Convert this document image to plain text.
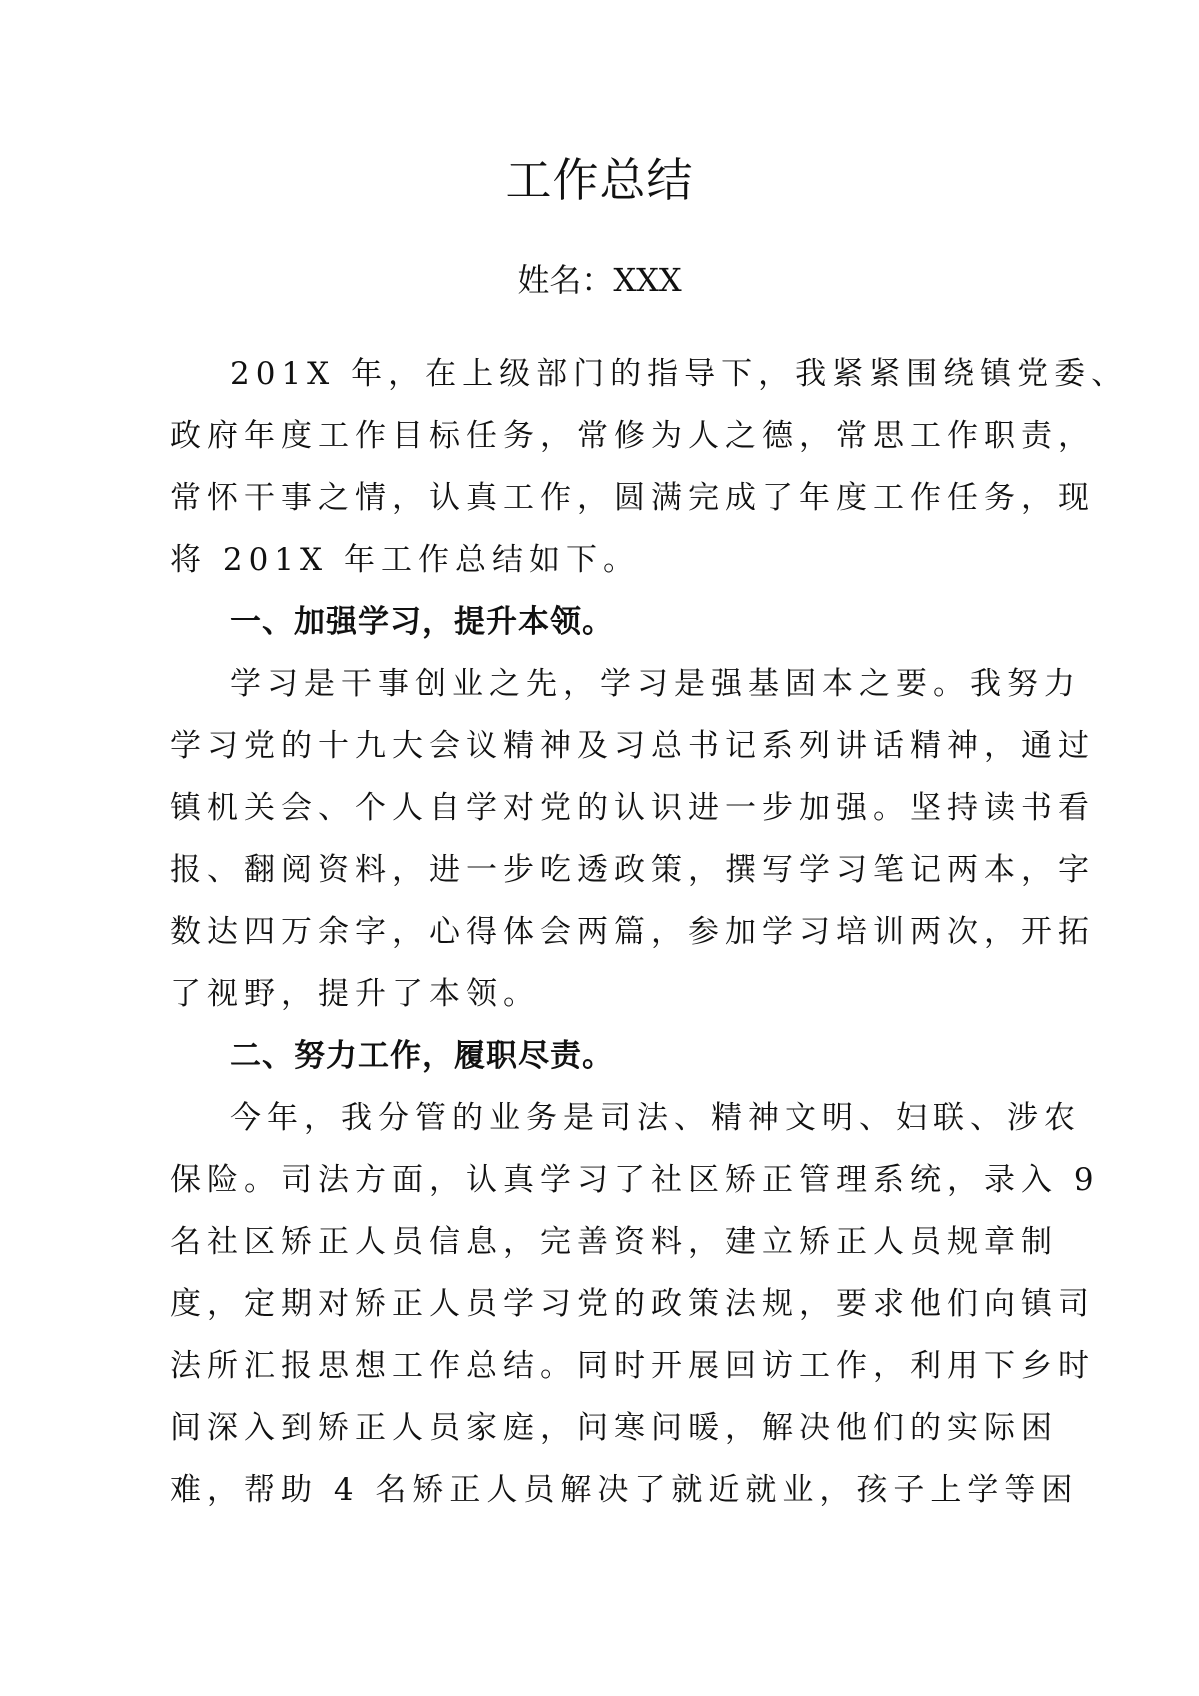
工作总结
姓名：XXX
201X 年，在上级部门的指导下，我紧紧围绕镇党委、
政府年度工作目标任务，常修为人之德，常思工作职责，
常怀干事之情，认真工作，圆满完成了年度工作任务，现
将 201X 年工作总结如下。
一、加强学习，提升本领。
学习是干事创业之先，学习是强基固本之要。我努力
学习党的十九大会议精神及习总书记系列讲话精神，通过
镇机关会、个人自学对党的认识进一步加强。坚持读书看
报、翻阅资料，进一步吃透政策，撰写学习笔记两本，字
数达四万余字，心得体会两篇，参加学习培训两次，开拓
了视野，提升了本领。
二、努力工作，履职尽责。
今年，我分管的业务是司法、精神文明、妇联、涉农
保险。司法方面，认真学习了社区矫正管理系统，录入 9
名社区矫正人员信息，完善资料，建立矫正人员规章制
度，定期对矫正人员学习党的政策法规，要求他们向镇司
法所汇报思想工作总结。同时开展回访工作，利用下乡时
间深入到矫正人员家庭，问寒问暖，解决他们的实际困
难，帮助 4 名矫正人员解决了就近就业，孩子上学等困
